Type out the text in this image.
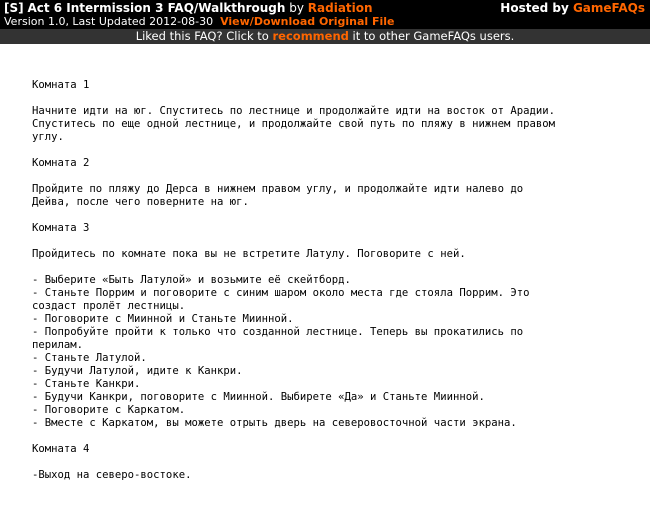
[S] Act 6 Intermission 3 FAQ/Walkthrough by Radiation	Hosted by GameFAQs
Version 1.0, Last Updated 2012-08-30 View/Download Original File
Liked this FAQ? Click to recommend it to other GameFAQs users.

Комната 1

Начните идти на юг. Спуститесь по лестнице и продолжайте идти на восток от Арадии.

Спуститесь по еще одной лестнице, и продолжайте свой путь по пляжу в нижнем правом

углу.

Комната 2

Пройдите по пляжу до Дерса в нижнем правом углу, и продолжайте идти налево до

Дейва, после чего поверните на юг.

Комната 3

Пройдитесь по комнате пока вы не встретите Латулу. Поговорите с ней.

- Выберите «Быть Латулой» и возьмите её скейтборд.

- Станьте Поррим и поговорите с синим шаром около места где стояла Поррим. Это

создаст пролёт лестницы.

- Поговорите с Миинной и Станьте Миинной.

- Попробуйте пройти к только что созданной лестнице. Теперь вы прокатились по

перилам.

- Станьте Латулой.

- Будучи Латулой, идите к Канкри.

- Станьте Канкри.

- Будучи Канкри, поговорите с Миинной. Выбирете «Да» и Станьте Миинной.

- Поговорите с Каркатом.

- Вместе с Каркатом, вы можете отрыть дверь на северовосточной части экрана.

Комната 4

-Выход на северо-востоке.
